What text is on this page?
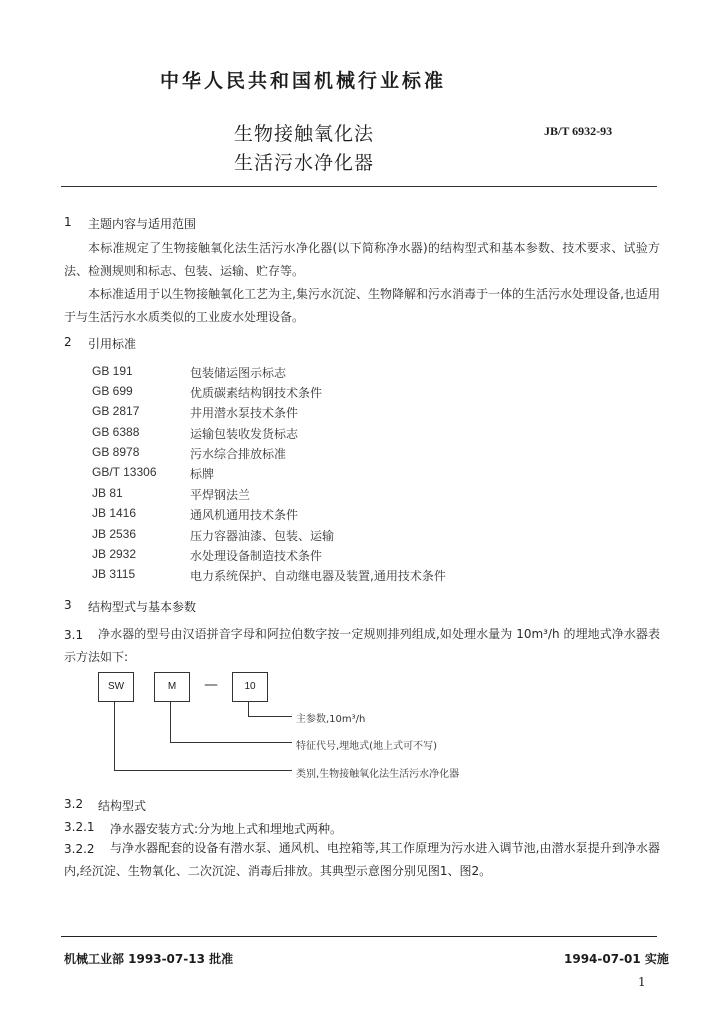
中华人民共和国机械行业标准
生物接触氧化法
生活污水净化器
JB/T 6932-93
1 主题内容与适用范围
本标准规定了生物接触氧化法生活污水净化器(以下简称净水器)的结构型式和基本参数、技术要求、试验方法、检测规则和标志、包装、运输、贮存等。
本标准适用于以生物接触氧化工艺为主,集污水沉淀、生物降解和污水消毒于一体的生活污水处理设备,也适用于与生活污水水质类似的工业废水处理设备。
2 引用标准
GB 191	包装储运图示标志
GB 699	优质碳素结构钢技术条件
GB 2817	井用潜水泵技术条件
GB 6388	运输包装收发货标志
GB 8978	污水综合排放标准
GB/T 13306	标牌
JB 81	平焊钢法兰
JB 1416	通风机通用技术条件
JB 2536	压力容器油漆、包装、运输
JB 2932	水处理设备制造技术条件
JB 3115	电力系统保护、自动继电器及装置,通用技术条件
3 结构型式与基本参数
3.1	净水器的型号由汉语拼音字母和阿拉伯数字按一定规则排列组成,如处理水量为 10m³/h 的埋地式净水器表示方法如下:
SW	M	—	10
主参数,10m³/h
特征代号,埋地式(地上式可不写)
类别,生物接触氧化法生活污水净化器
3.2 结构型式
3.2.1 净水器安装方式:分为地上式和埋地式两种。
3.2.2	与净水器配套的设备有潜水泵、通风机、电控箱等,其工作原理为污水进入调节池,由潜水泵提升到净水器内,经沉淀、生物氧化、二次沉淀、消毒后排放。其典型示意图分别见图1、图2。
机械工业部 1993-07-13 批准	1994-07-01 实施
1
